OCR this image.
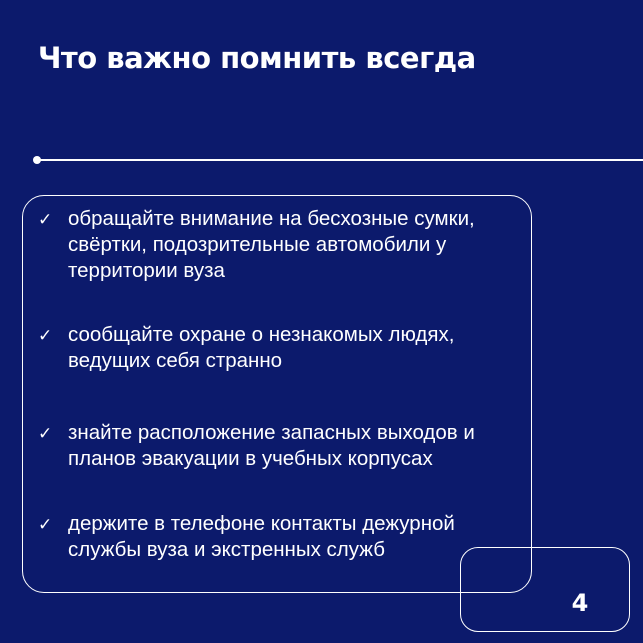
Что важно помнить всегда
✓ обращайте внимание на бесхозные сумки, свёртки, подозрительные автомобили у территории вуза
✓ сообщайте охране о незнакомых людях, ведущих себя странно
✓ знайте расположение запасных выходов и планов эвакуации в учебных корпусах
✓ держите в телефоне контакты дежурной службы вуза и экстренных служб
4
